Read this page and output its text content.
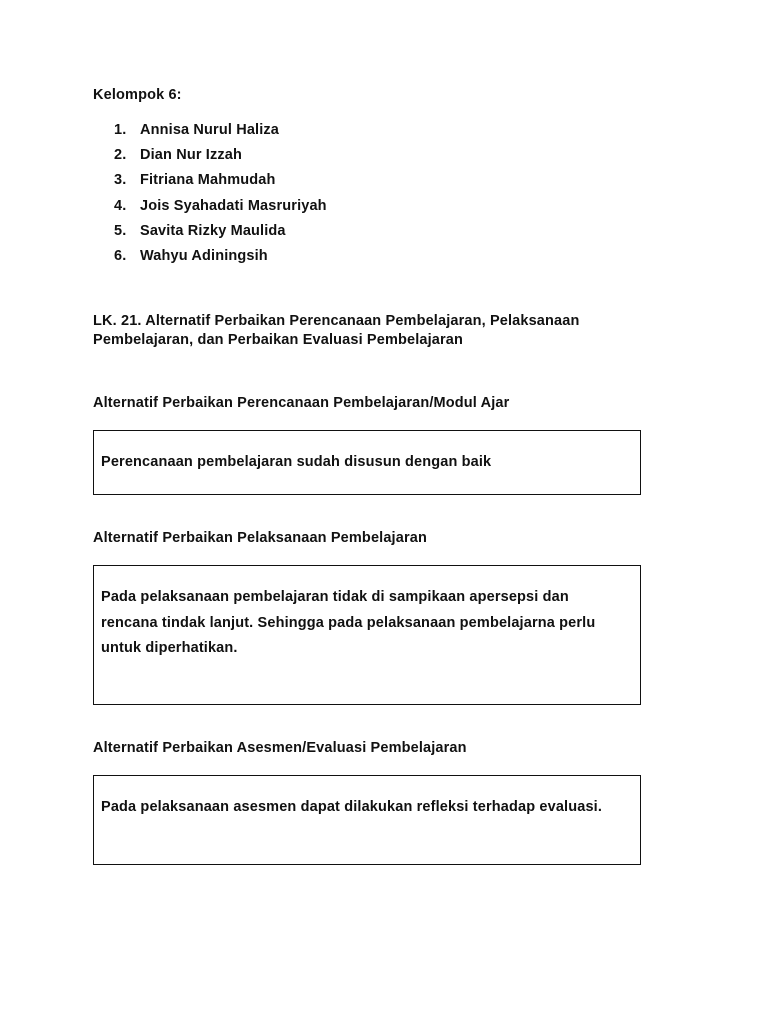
Kelompok 6:
1. Annisa Nurul Haliza
2. Dian Nur Izzah
3. Fitriana Mahmudah
4. Jois Syahadati Masruriyah
5. Savita Rizky Maulida
6. Wahyu Adiningsih
LK. 21. Alternatif Perbaikan Perencanaan Pembelajaran, Pelaksanaan
Pembelajaran, dan Perbaikan Evaluasi Pembelajaran
Alternatif Perbaikan Perencanaan Pembelajaran/Modul Ajar
Perencanaan pembelajaran sudah disusun dengan baik
Alternatif Perbaikan Pelaksanaan Pembelajaran
Pada pelaksanaan pembelajaran tidak di sampikaan apersepsi dan
rencana tindak lanjut. Sehingga pada pelaksanaan pembelajarna perlu
untuk diperhatikan.
Alternatif Perbaikan Asesmen/Evaluasi Pembelajaran
Pada pelaksanaan asesmen dapat dilakukan refleksi terhadap evaluasi.
